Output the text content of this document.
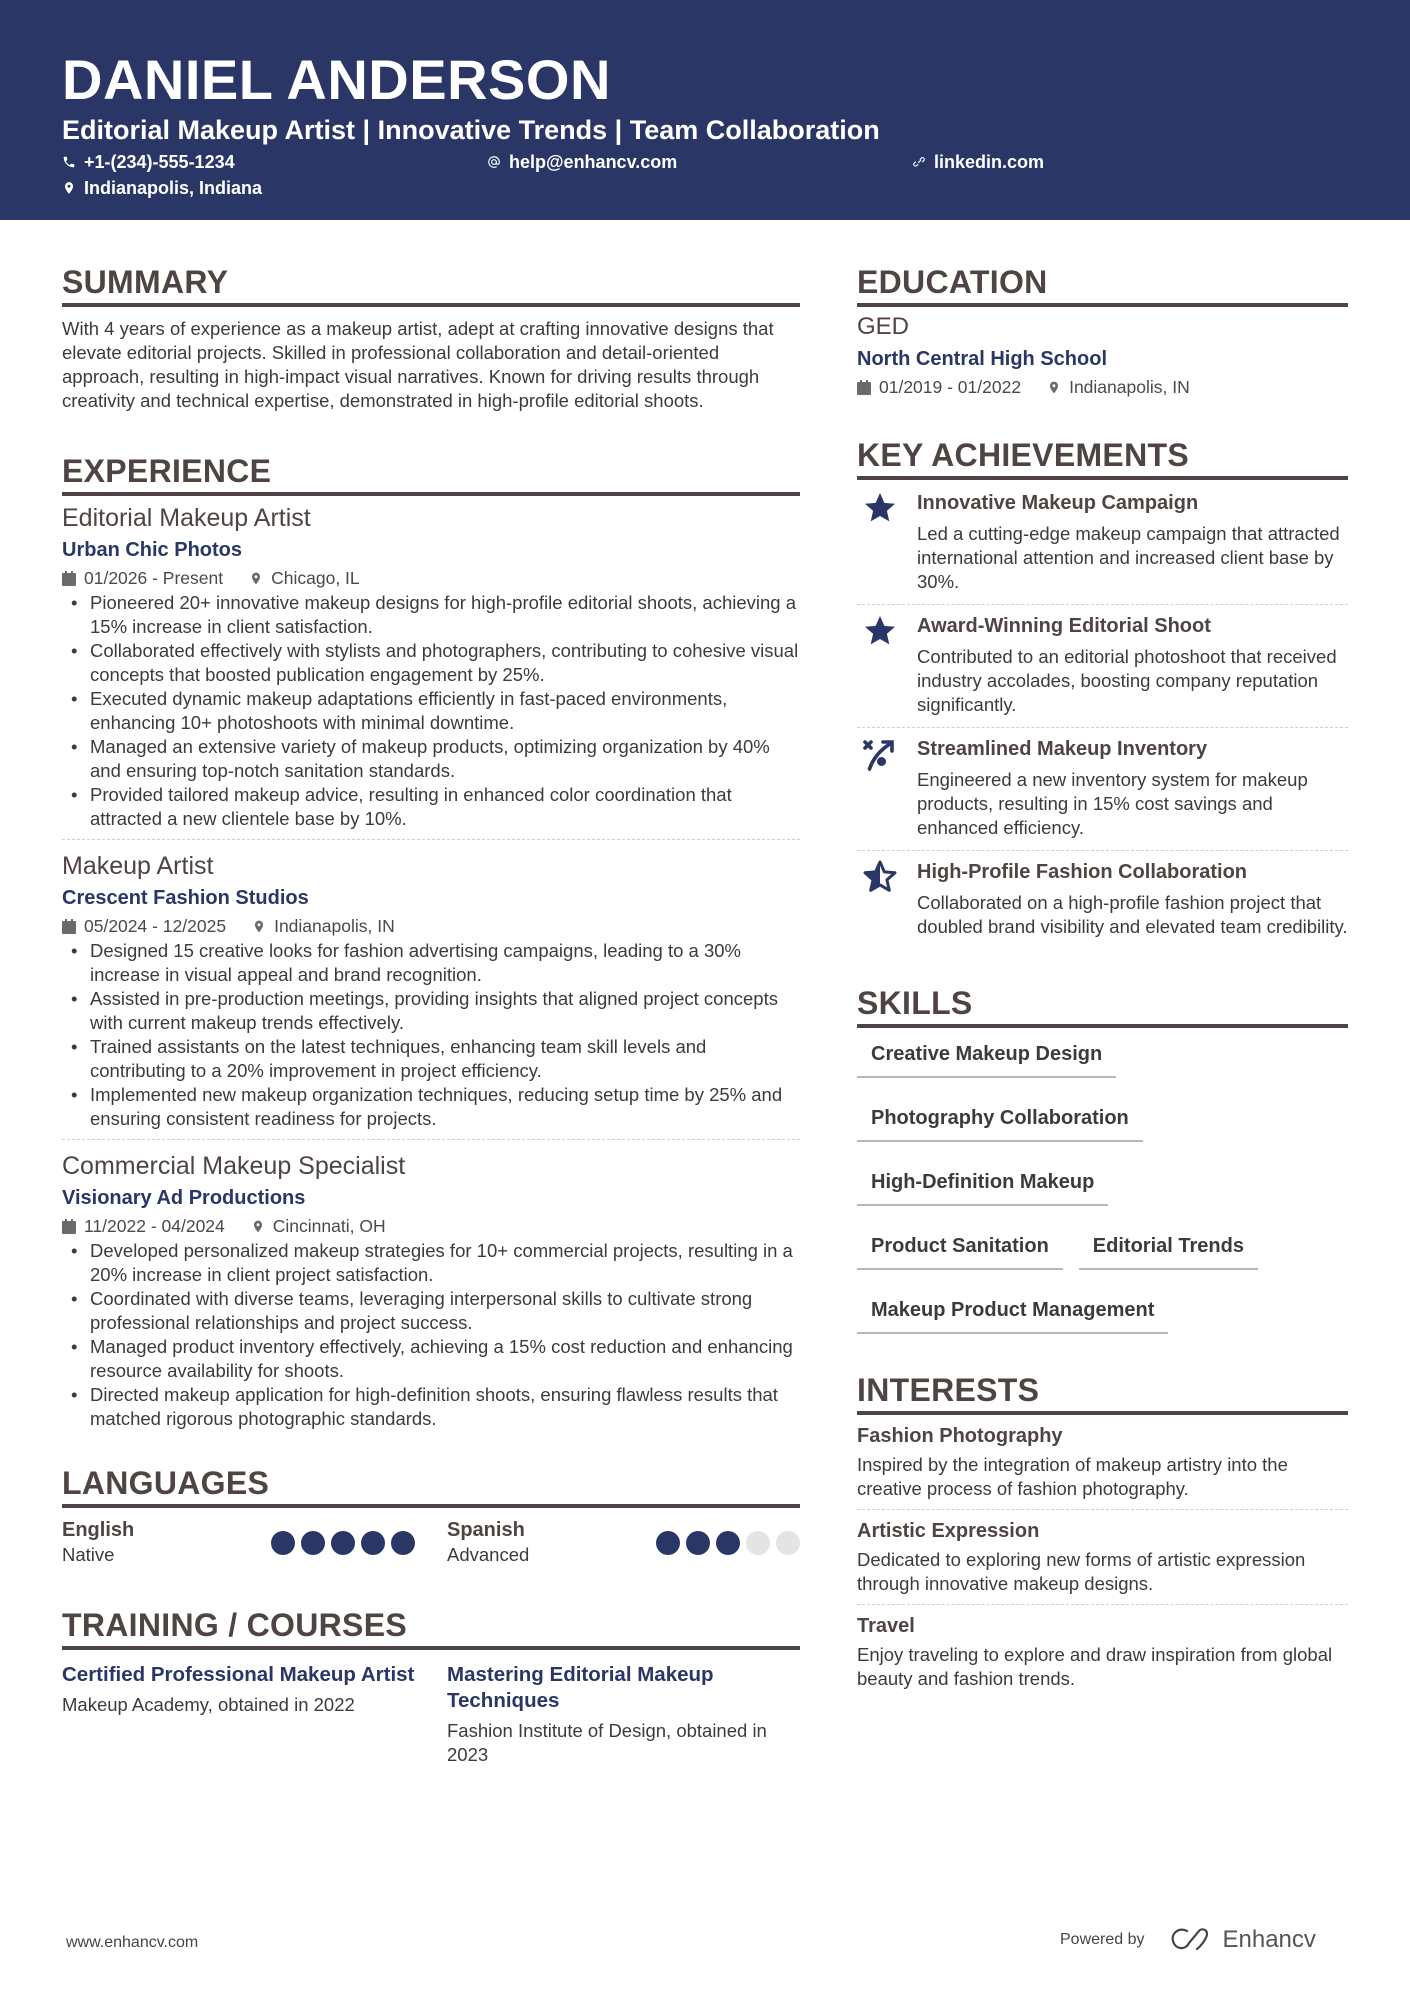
DANIEL ANDERSON
Editorial Makeup Artist | Innovative Trends | Team Collaboration
+1-(234)-555-1234	help@enhancv.com	linkedin.com
Indianapolis, Indiana
SUMMARY

With 4 years of experience as a makeup artist, adept at crafting innovative designs that elevate editorial projects. Skilled in professional collaboration and detail-oriented approach, resulting in high-impact visual narratives. Known for driving results through creativity and technical expertise, demonstrated in high-profile editorial shoots.

EXPERIENCE
Editorial Makeup Artist
Urban Chic Photos
01/2026 - Present	Chicago, IL
• Pioneered 20+ innovative makeup designs for high-profile editorial shoots, achieving a 15% increase in client satisfaction.
• Collaborated effectively with stylists and photographers, contributing to cohesive visual concepts that boosted publication engagement by 25%.
• Executed dynamic makeup adaptations efficiently in fast-paced environments, enhancing 10+ photoshoots with minimal downtime.
• Managed an extensive variety of makeup products, optimizing organization by 40% and ensuring top-notch sanitation standards.
• Provided tailored makeup advice, resulting in enhanced color coordination that attracted a new clientele base by 10%.
Makeup Artist
Crescent Fashion Studios
05/2024 - 12/2025	Indianapolis, IN
• Designed 15 creative looks for fashion advertising campaigns, leading to a 30% increase in visual appeal and brand recognition.
• Assisted in pre-production meetings, providing insights that aligned project concepts with current makeup trends effectively.
• Trained assistants on the latest techniques, enhancing team skill levels and contributing to a 20% improvement in project efficiency.
• Implemented new makeup organization techniques, reducing setup time by 25% and ensuring consistent readiness for projects.
Commercial Makeup Specialist
Visionary Ad Productions
11/2022 - 04/2024	Cincinnati, OH
• Developed personalized makeup strategies for 10+ commercial projects, resulting in a 20% increase in client project satisfaction.
• Coordinated with diverse teams, leveraging interpersonal skills to cultivate strong professional relationships and project success.
• Managed product inventory effectively, achieving a 15% cost reduction and enhancing resource availability for shoots.
• Directed makeup application for high-definition shoots, ensuring flawless results that matched rigorous photographic standards.
LANGUAGES
English
Native
Spanish
Advanced
TRAINING / COURSES
Certified Professional Makeup Artist
Makeup Academy, obtained in 2022
Mastering Editorial Makeup Techniques
Fashion Institute of Design, obtained in 2023
EDUCATION
GED
North Central High School
01/2019 - 01/2022	Indianapolis, IN
KEY ACHIEVEMENTS
Innovative Makeup Campaign
Led a cutting-edge makeup campaign that attracted international attention and increased client base by 30%.
Award-Winning Editorial Shoot
Contributed to an editorial photoshoot that received industry accolades, boosting company reputation significantly.
Streamlined Makeup Inventory
Engineered a new inventory system for makeup products, resulting in 15% cost savings and enhanced efficiency.
High-Profile Fashion Collaboration
Collaborated on a high-profile fashion project that doubled brand visibility and elevated team credibility.
SKILLS
Creative Makeup Design
Photography Collaboration
High-Definition Makeup
Product Sanitation	Editorial Trends
Makeup Product Management
INTERESTS
Fashion Photography
Inspired by the integration of makeup artistry into the creative process of fashion photography.
Artistic Expression
Dedicated to exploring new forms of artistic expression through innovative makeup designs.
Travel
Enjoy traveling to explore and draw inspiration from global beauty and fashion trends.
www.enhancv.com	Powered by	Enhancv
